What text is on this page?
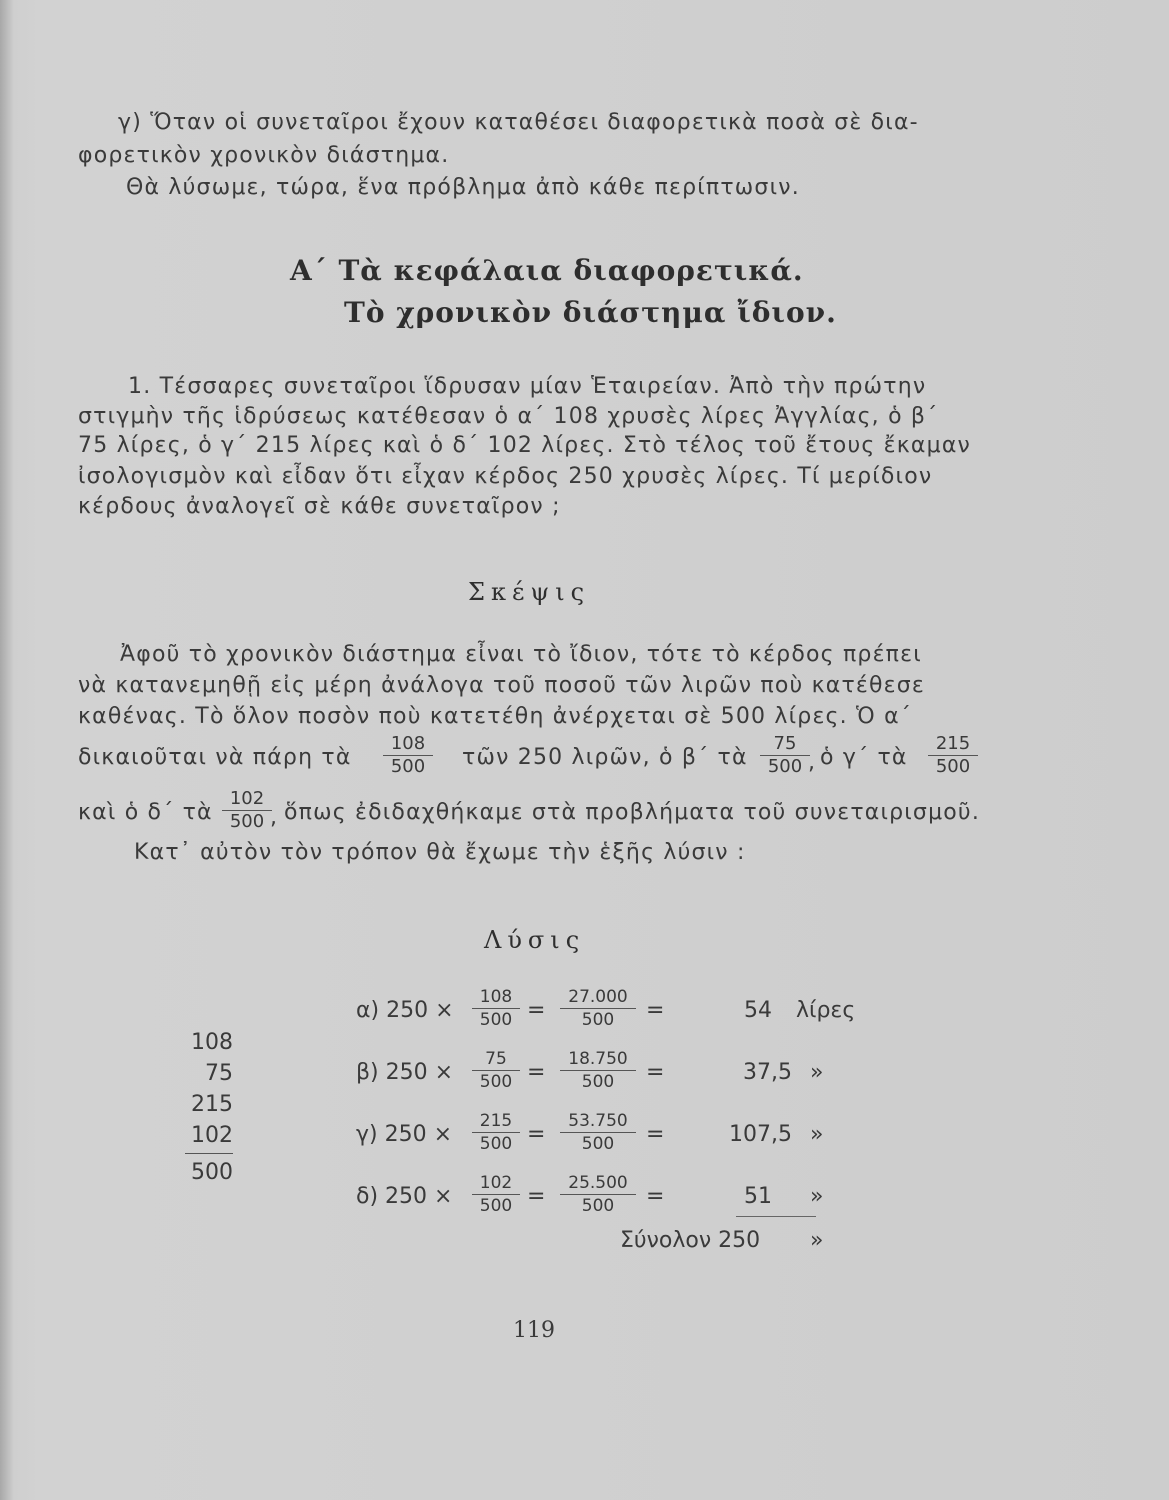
γ) Ὅταν οἱ συνεταῖροι ἔχουν καταθέσει διαφορετικὰ ποσὰ σὲ δια-
φορετικὸν χρονικὸν διάστημα.
Θὰ λύσωμε, τώρα, ἕνα πρόβλημα ἀπὸ κάθε περίπτωσιν.
Α΄ Τὰ κεφάλαια διαφορετικά.
Τὸ χρονικὸν διάστημα ἴδιον.
1. Τέσσαρες συνεταῖροι ἵδρυσαν μίαν Ἑταιρείαν. Ἀπὸ τὴν πρώτην
στιγμὴν τῆς ἱδρύσεως κατέθεσαν ὁ α΄ 108 χρυσὲς λίρες Ἀγγλίας, ὁ β΄
75 λίρες, ὁ γ΄ 215 λίρες καὶ ὁ δ΄ 102 λίρες. Στὸ τέλος τοῦ ἔτους ἔκαμαν
ἰσολογισμὸν καὶ εἶδαν ὅτι εἶχαν κέρδος 250 χρυσὲς λίρες. Τί μερίδιον
κέρδους ἀναλογεῖ σὲ κάθε συνεταῖρον ;
Σκέψις
Ἀφοῦ τὸ χρονικὸν διάστημα εἶναι τὸ ἴδιον, τότε τὸ κέρδος πρέπει
νὰ κατανεμηθῇ εἰς μέρη ἀνάλογα τοῦ ποσοῦ τῶν λιρῶν ποὺ κατέθεσε
καθένας. Τὸ ὅλον ποσὸν ποὺ κατετέθη ἀνέρχεται σὲ 500 λίρες. Ὁ α΄
δικαιοῦται νὰ πάρη τὰ $\frac{108}{500}$ τῶν 250 λιρῶν, ὁ β΄ τὰ $\frac{75}{500}$
, ὁ γ΄ τὰ $\frac{215}{500}$
καὶ ὁ δ΄ τὰ $\frac{102}{500}$
, ὅπως ἐδιδαχθήκαμε στὰ προβλήματα τοῦ συνεταιρισμοῦ.
Κατ᾽ αὐτὸν τὸν τρόπον θὰ ἔχωμε τὴν ἑξῆς λύσιν :
Λύσις
108
75
215
102
500
α) $250 \times \frac{108}{500} = \frac{27.000}{500}$ =	54 λίρες
β) $250 \times \frac{75}{500} = \frac{18.750}{500}$ =	37,5 »
γ) $250 \times \frac{215}{500} = \frac{53.750}{500}$ =	107,5 »
δ) $250 \times \frac{102}{500} = \frac{25.500}{500}$ =	51 »
Σύνολον 250 »
119
